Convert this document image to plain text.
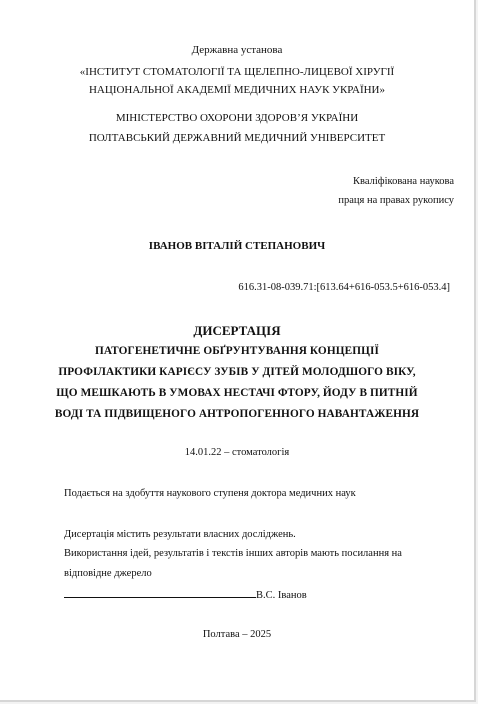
Державна установа
«ІНСТИТУТ СТОМАТОЛОГІЇ ТА ЩЕЛЕПНО-ЛИЦЕВОЇ ХІРУГІЇ
НАЦІОНАЛЬНОЇ АКАДЕМІЇ МЕДИЧНИХ НАУК УКРАЇНИ»
МІНІСТЕРСТВО ОХОРОНИ ЗДОРОВ’Я УКРАЇНИ
ПОЛТАВСЬКИЙ ДЕРЖАВНИЙ МЕДИЧНИЙ УНІВЕРСИТЕТ
Кваліфікована наукова
праця на правах рукопису
ІВАНОВ ВІТАЛІЙ СТЕПАНОВИЧ
616.31-08-039.71:[613.64+616-053.5+616-053.4]
ДИСЕРТАЦІЯ
ПАТОГЕНЕТИЧНЕ ОБҐРУНТУВАННЯ КОНЦЕПЦІЇ
ПРОФІЛАКТИКИ КАРІЄСУ ЗУБІВ У ДІТЕЙ МОЛОДШОГО ВІКУ,
ЩО МЕШКАЮТЬ В УМОВАХ НЕСТАЧІ ФТОРУ, ЙОДУ В ПИТНІЙ
ВОДІ ТА ПІДВИЩЕНОГО АНТРОПОГЕННОГО НАВАНТАЖЕННЯ
14.01.22 – стоматологія
Подається на здобуття наукового ступеня доктора медичних наук
Дисертація містить результати власних досліджень.
Використання ідей, результатів і текстів інших авторів мають посилання на
відповідне джерело
В.С. Іванов
Полтава – 2025
